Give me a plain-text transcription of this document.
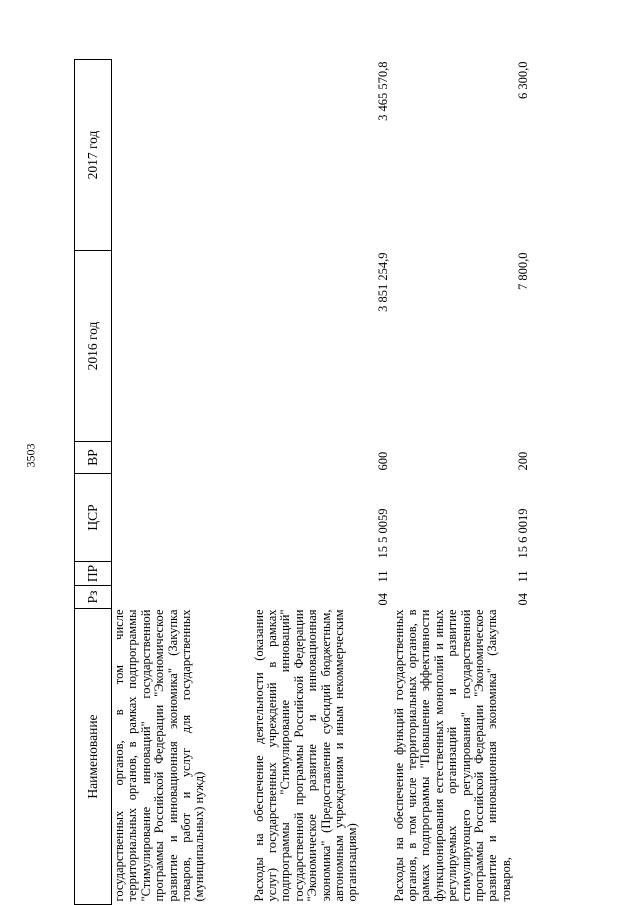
3503
Наименование	Рз	ПР	ЦСР	ВР	2016 год	2017 год
государственных органов, в том числе территориальных органов, в рамках подпрограммы "Стимулирование инноваций" государственной программы Российской Федерации "Экономическое развитие и инновационная экономика" (Закупка товаров, работ и услуг для государственных (муниципальных) нужд)						
Расходы на обеспечение деятельности (оказание услуг) государственных учреждений в рамках подпрограммы "Стимулирование инноваций" государственной программы Российской Федерации "Экономическое развитие и инновационная экономика" (Предоставление субсидий бюджетным, автономным учреждениям и иным некоммерческим организациям)	04	11	15 5 0059	600	3 851 254,9	3 465 570,8
Расходы на обеспечение функций государственных органов, в том числе территориальных органов, в рамках подпрограммы "Повышение эффективности функционирования естественных монополий и иных регулируемых организаций и развитие стимулирующего регулирования" государственной программы Российской Федерации "Экономическое развитие и инновационная экономика" (Закупка товаров,	04	11	15 6 0019	200	7 800,0	6 300,0
